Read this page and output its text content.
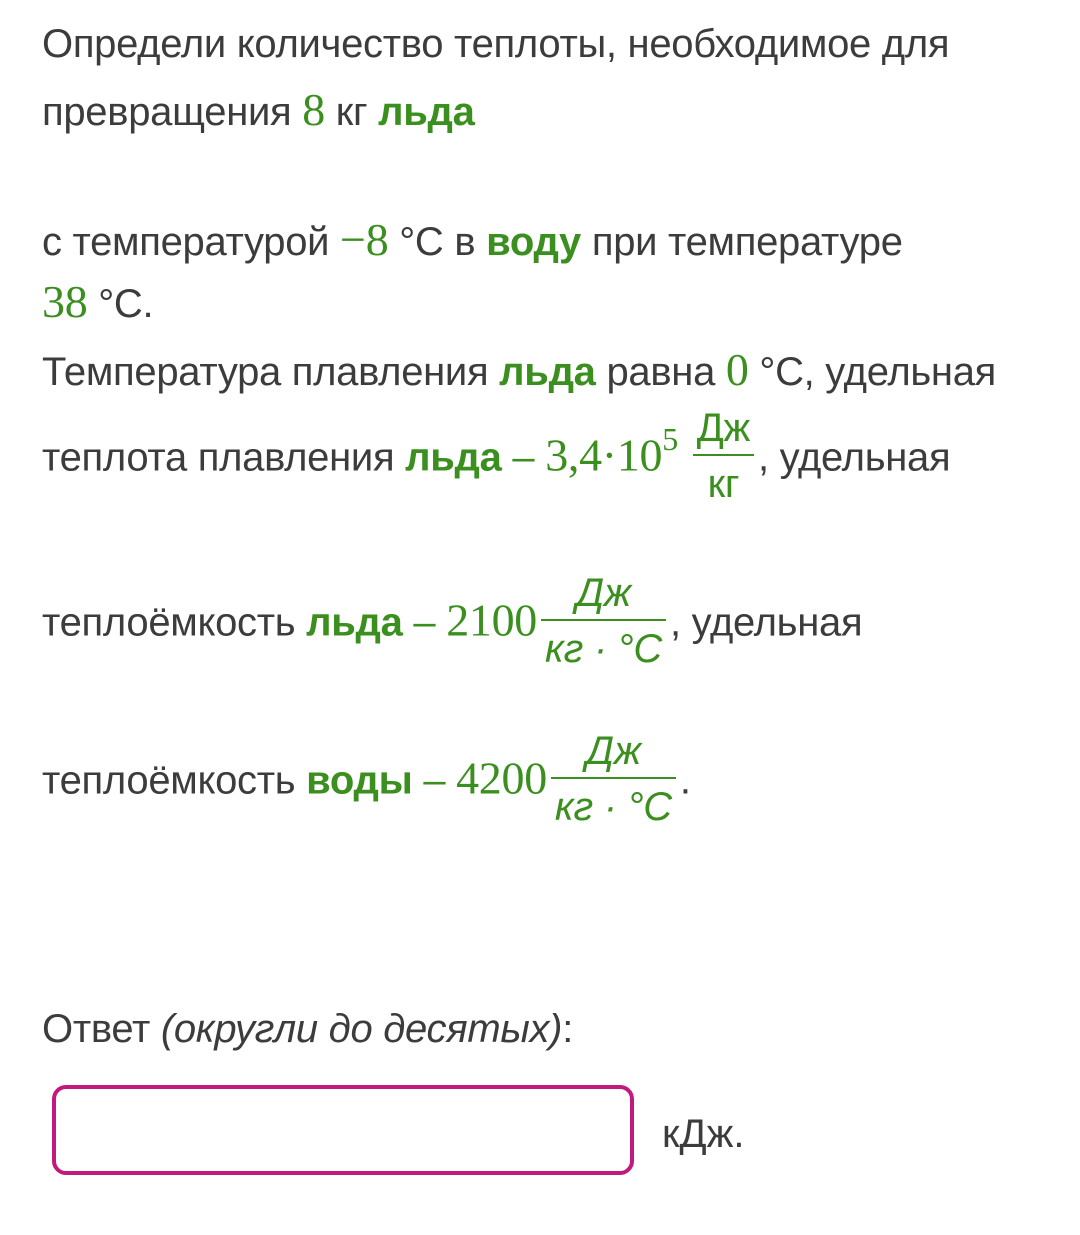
Определи количество теплоты, необходимое для
превращения 8 кг льда
с температурой −8 °C в воду при температуре
38 °C.
Температура плавления льда равна 0 °C, удельная
теплота плавления льда – $3,4\cdot 10^5 \frac{Дж}{кг}$ , удельная
теплоёмкость льда – $2100 \frac{Дж}{кг \cdot ^\circ C}$ , удельная
теплоёмкость воды – $4200 \frac{Дж}{кг \cdot ^\circ C}$ .
Ответ (округли до десятых):
кДж.
